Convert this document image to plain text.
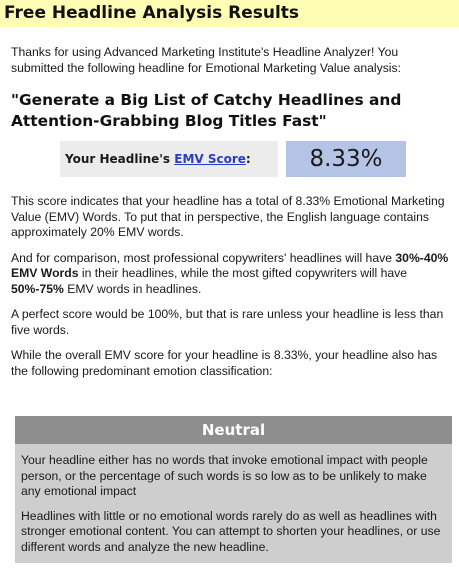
Free Headline Analysis Results

Thanks for using Advanced Marketing Institute's Headline Analyzer! You submitted the following headline for Emotional Marketing Value analysis:

"Generate a Big List of Catchy Headlines and Attention-Grabbing Blog Titles Fast"
Your Headline's EMV Score:	8.33%

This score indicates that your headline has a total of 8.33% Emotional Marketing Value (EMV) Words. To put that in perspective, the English language contains approximately 20% EMV words.

And for comparison, most professional copywriters' headlines will have 30%-40% EMV Words in their headlines, while the most gifted copywriters will have 50%-75% EMV words in headlines.

A perfect score would be 100%, but that is rare unless your headline is less than five words.

While the overall EMV score for your headline is 8.33%, your headline also has the following predominant emotion classification:

Neutral

Your headline either has no words that invoke emotional impact with people person, or the percentage of such words is so low as to be unlikely to make any emotional impact

Headlines with little or no emotional words rarely do as well as headlines with stronger emotional content. You can attempt to shorten your headlines, or use different words and analyze the new headline.
